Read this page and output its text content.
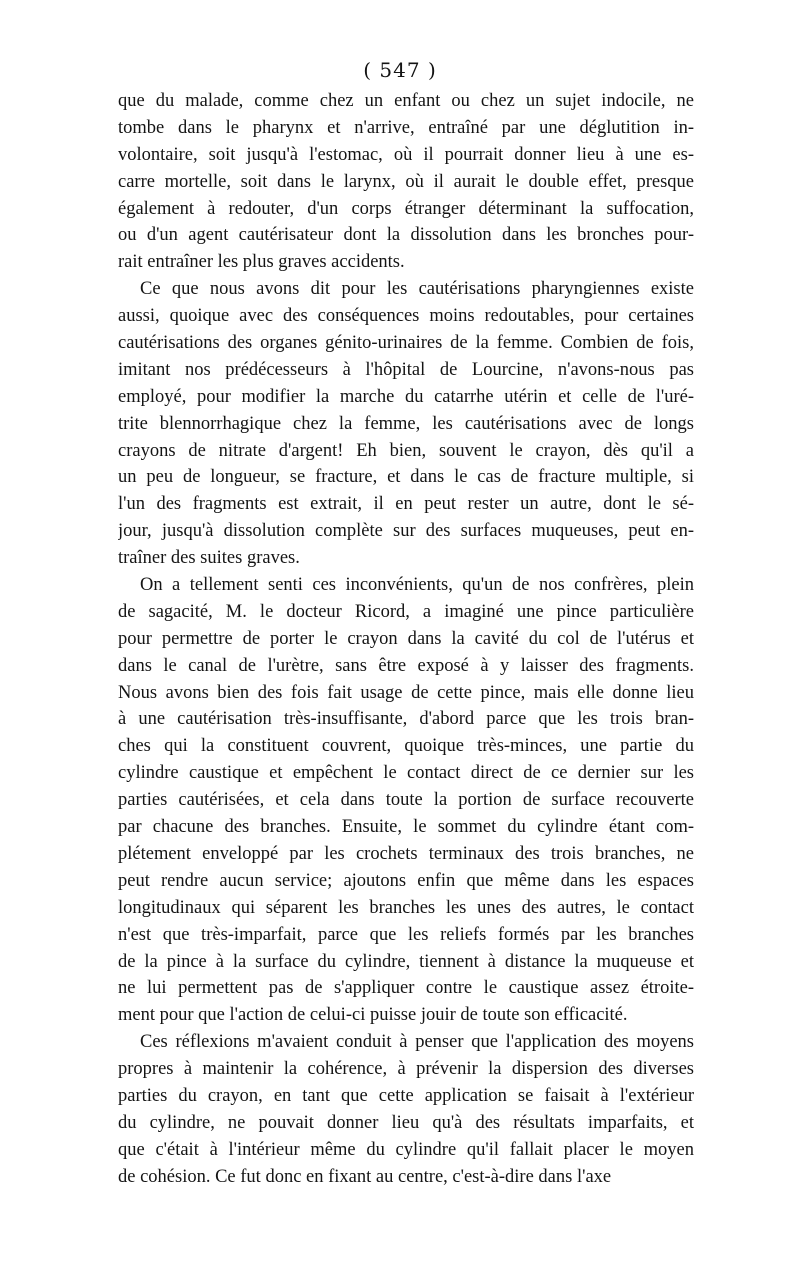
( 547 )
que du malade, comme chez un enfant ou chez un sujet indocile, ne
tombe dans le pharynx et n'arrive, entraîné par une déglutition in-
volontaire, soit jusqu'à l'estomac, où il pourrait donner lieu à une es-
carre mortelle, soit dans le larynx, où il aurait le double effet, presque
également à redouter, d'un corps étranger déterminant la suffocation,
ou d'un agent cautérisateur dont la dissolution dans les bronches pour-
rait entraîner les plus graves accidents.
Ce que nous avons dit pour les cautérisations pharyngiennes existe
aussi, quoique avec des conséquences moins redoutables, pour certaines
cautérisations des organes génito-urinaires de la femme. Combien de fois,
imitant nos prédécesseurs à l'hôpital de Lourcine, n'avons-nous pas
employé, pour modifier la marche du catarrhe utérin et celle de l'uré-
trite blennorrhagique chez la femme, les cautérisations avec de longs
crayons de nitrate d'argent! Eh bien, souvent le crayon, dès qu'il a
un peu de longueur, se fracture, et dans le cas de fracture multiple, si
l'un des fragments est extrait, il en peut rester un autre, dont le sé-
jour, jusqu'à dissolution complète sur des surfaces muqueuses, peut en-
traîner des suites graves.
On a tellement senti ces inconvénients, qu'un de nos confrères, plein
de sagacité, M. le docteur Ricord, a imaginé une pince particulière
pour permettre de porter le crayon dans la cavité du col de l'utérus et
dans le canal de l'urètre, sans être exposé à y laisser des fragments.
Nous avons bien des fois fait usage de cette pince, mais elle donne lieu
à une cautérisation très-insuffisante, d'abord parce que les trois bran-
ches qui la constituent couvrent, quoique très-minces, une partie du
cylindre caustique et empêchent le contact direct de ce dernier sur les
parties cautérisées, et cela dans toute la portion de surface recouverte
par chacune des branches. Ensuite, le sommet du cylindre étant com-
plétement enveloppé par les crochets terminaux des trois branches, ne
peut rendre aucun service; ajoutons enfin que même dans les espaces
longitudinaux qui séparent les branches les unes des autres, le contact
n'est que très-imparfait, parce que les reliefs formés par les branches
de la pince à la surface du cylindre, tiennent à distance la muqueuse et
ne lui permettent pas de s'appliquer contre le caustique assez étroite-
ment pour que l'action de celui-ci puisse jouir de toute son efficacité.
Ces réflexions m'avaient conduit à penser que l'application des moyens
propres à maintenir la cohérence, à prévenir la dispersion des diverses
parties du crayon, en tant que cette application se faisait à l'extérieur
du cylindre, ne pouvait donner lieu qu'à des résultats imparfaits, et
que c'était à l'intérieur même du cylindre qu'il fallait placer le moyen
de cohésion. Ce fut donc en fixant au centre, c'est-à-dire dans l'axe
